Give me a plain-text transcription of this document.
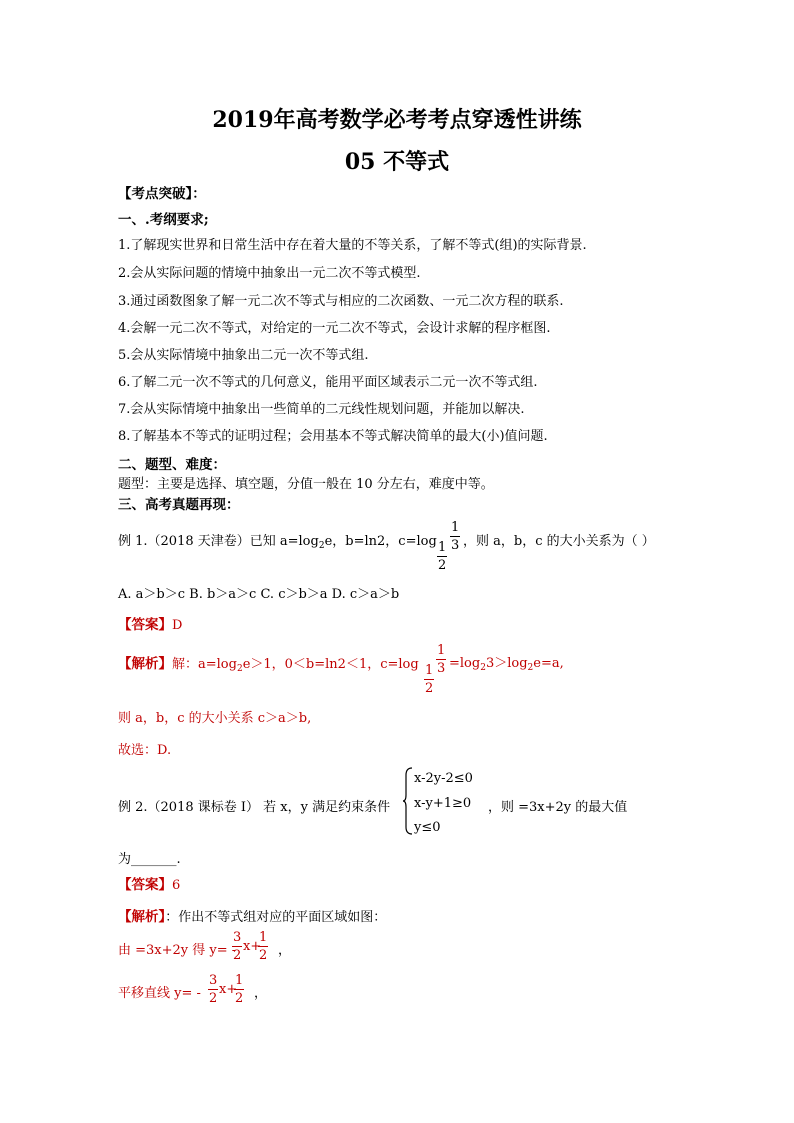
2019年高考数学必考考点穿透性讲练
05 不等式
【考点突破】：
一、.考纲要求;
1.了解现实世界和日常生活中存在着大量的不等关系，了解不等式(组)的实际背景.
2.会从实际问题的情境中抽象出一元二次不等式模型.
3.通过函数图象了解一元二次不等式与相应的二次函数、一元二次方程的联系.
4.会解一元二次不等式，对给定的一元二次不等式，会设计求解的程序框图.
5.会从实际情境中抽象出二元一次不等式组.
6.了解二元一次不等式的几何意义，能用平面区域表示二元一次不等式组.
7.会从实际情境中抽象出一些简单的二元线性规划问题，并能加以解决.
8.了解基本不等式的证明过程；会用基本不等式解决简单的最大(小)值问题.
二、题型、难度：
题型：主要是选择、填空题，分值一般在 10 分左右，难度中等。
三、高考真题再现：
例 1.（2018 天津卷）已知 $a=\log_2e$，b=ln2，c=log 1
2
1
3 ，则 a，b，c 的大小关系为（ ）
A. a＞b＞c B. b＞a＞c C. c＞b＞a D. c＞a＞b
【答案】D
【解析】解：$a=\log_2e>1$，0＜b=ln2＜1，c=log 1
2
1
$3 =\log_23>\log_2e=a$,
则 a，b，c 的大小关系 c＞a＞b,
故选：D.
例 2.（2018 课标卷 I） 若 x，y 满足约束条件
x-2y-2≤0
x-y+1≥0
y≤0
，则 =3x+2y 的最大值
为_______.
【答案】6
【解析】：作出不等式组对应的平面区域如图：
由 =3x+2y 得 y= -
3
2
x+
1
2 ，
平移直线 y= -
3
2
x+
1
2 ，
